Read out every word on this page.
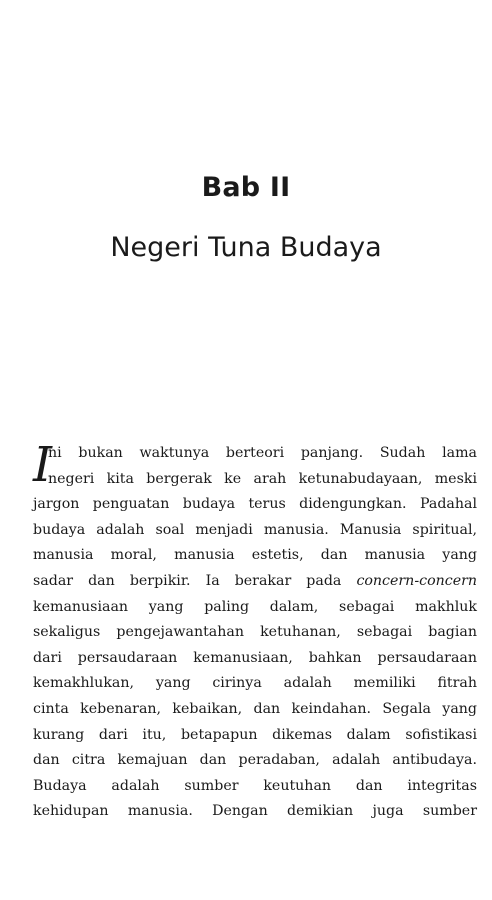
Bab II
Negeri Tuna Budaya
I
ni bukan waktunya berteori panjang. Sudah lama
negeri kita bergerak ke arah ketunabudayaan, meski
jargon penguatan budaya terus didengungkan. Padahal
budaya adalah soal menjadi manusia. Manusia spiritual,
manusia moral, manusia estetis, dan manusia yang
sadar dan berpikir. Ia berakar pada concern-concern
kemanusiaan yang paling dalam, sebagai makhluk
sekaligus pengejawantahan ketuhanan, sebagai bagian
dari persaudaraan kemanusiaan, bahkan persaudaraan
kemakhlukan, yang cirinya adalah memiliki fitrah
cinta kebenaran, kebaikan, dan keindahan. Segala yang
kurang dari itu, betapapun dikemas dalam sofistikasi
dan citra kemajuan dan peradaban, adalah antibudaya.
Budaya adalah sumber keutuhan dan integritas
kehidupan manusia. Dengan demikian juga sumber
